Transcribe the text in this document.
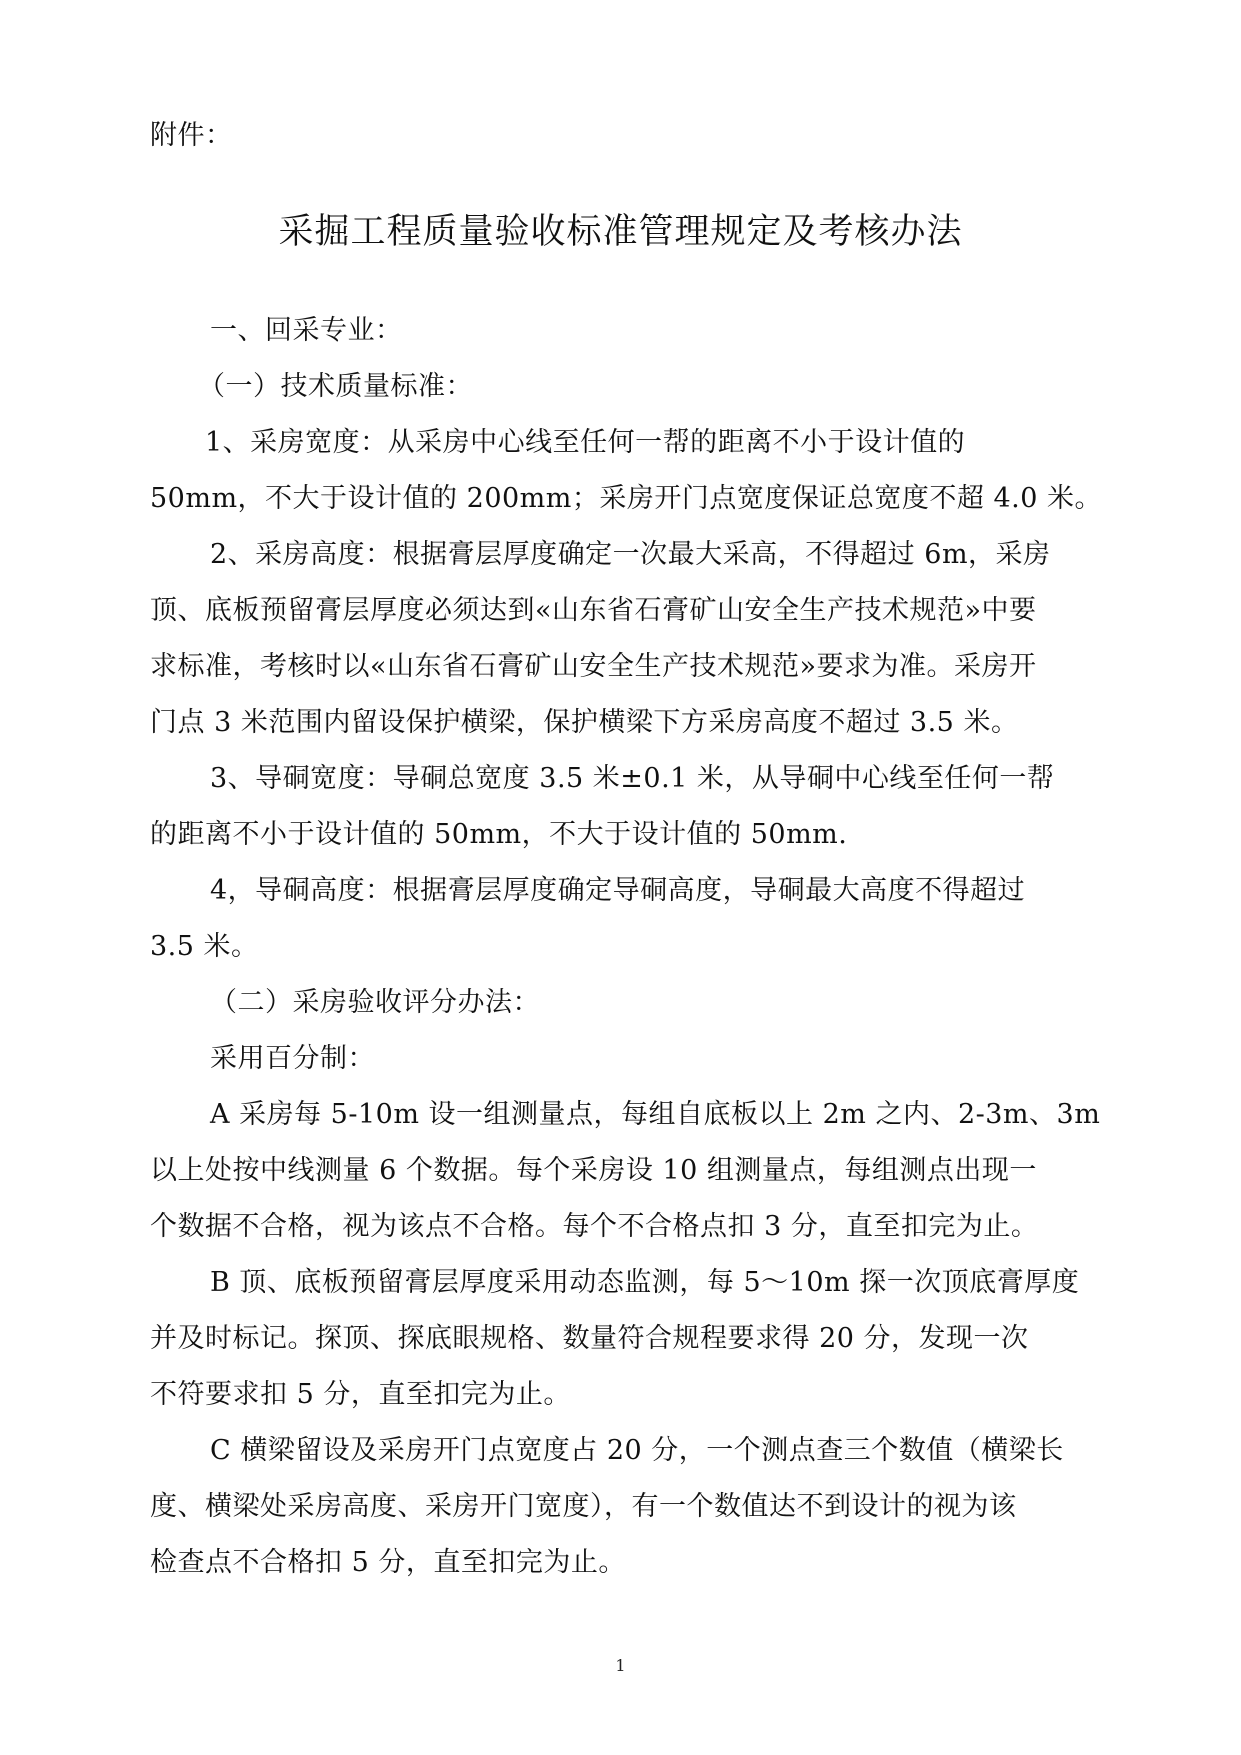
附件：
采掘工程质量验收标准管理规定及考核办法
一、回采专业：
（一）技术质量标准：
1、采房宽度：从采房中心线至任何一帮的距离不小于设计值的
50mm，不大于设计值的 200mm；采房开门点宽度保证总宽度不超 4.0 米。
2、采房高度：根据膏层厚度确定一次最大采高，不得超过 6m，采房
顶、底板预留膏层厚度必须达到«山东省石膏矿山安全生产技术规范»中要
求标准，考核时以«山东省石膏矿山安全生产技术规范»要求为准。采房开
门点 3 米范围内留设保护横梁，保护横梁下方采房高度不超过 3.5 米。
3、导硐宽度：导硐总宽度 3.5 米±0.1 米，从导硐中心线至任何一帮
的距离不小于设计值的 50mm，不大于设计值的 50mm.
4，导硐高度：根据膏层厚度确定导硐高度，导硐最大高度不得超过
3.5 米。
（二）采房验收评分办法：
采用百分制：
A 采房每 5-10m 设一组测量点，每组自底板以上 2m 之内、2-3m、3m
以上处按中线测量 6 个数据。每个采房设 10 组测量点，每组测点出现一
个数据不合格，视为该点不合格。每个不合格点扣 3 分，直至扣完为止。
B 顶、底板预留膏层厚度采用动态监测，每 5～10m 探一次顶底膏厚度
并及时标记。探顶、探底眼规格、数量符合规程要求得 20 分，发现一次
不符要求扣 5 分，直至扣完为止。
C 横梁留设及采房开门点宽度占 20 分，一个测点查三个数值（横梁长
度、横梁处采房高度、采房开门宽度），有一个数值达不到设计的视为该
检查点不合格扣 5 分，直至扣完为止。
1
